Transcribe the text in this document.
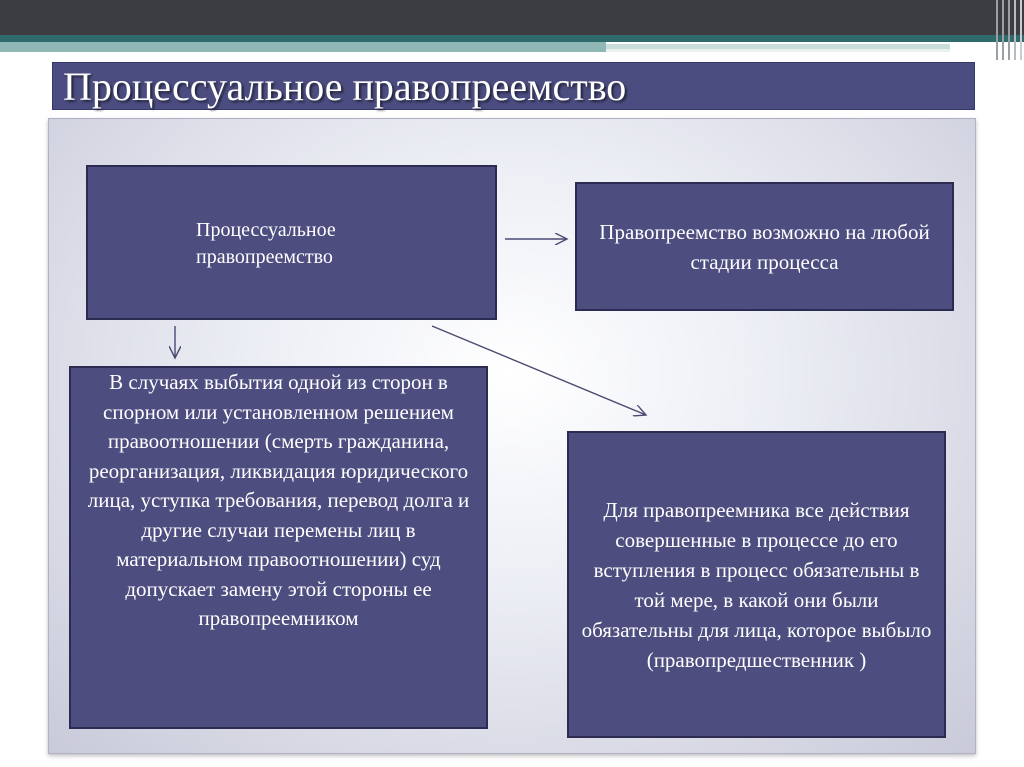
Процессуальное правопреемство
Процессуальное
правопреемство
Правопреемство возможно на любой стадии процесса
В случаях выбытия одной из сторон в спорном или установленном решением правоотношении (смерть гражданина, реорганизация, ликвидация юридического лица, уступка требования, перевод долга и другие случаи перемены лиц в материальном правоотношении) суд допускает замену этой стороны ее правопреемником
Для правопреемника все действия совершенные в процессе до его вступления в процесс обязательны в той мере, в какой они были обязательны для лица, которое выбыло (правопредшественник )
